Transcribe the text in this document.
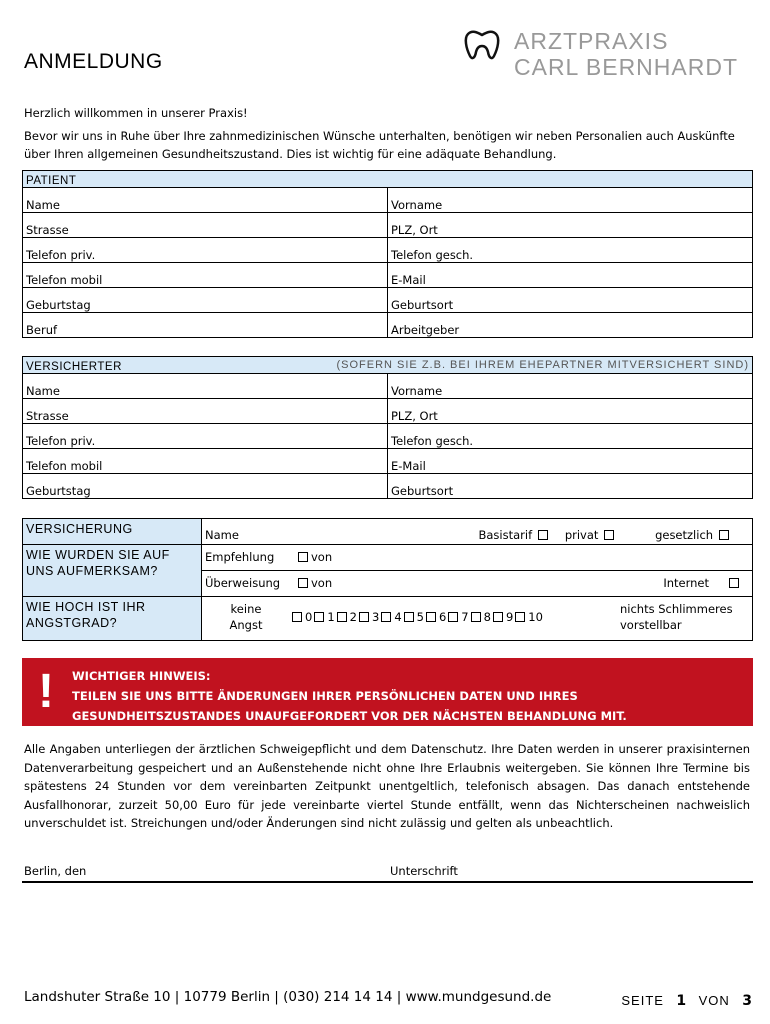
ANMELDUNG
ARZTPRAXIS
CARL BERNHARDT
Herzlich willkommen in unserer Praxis!
Bevor wir uns in Ruhe über Ihre zahnmedizinischen Wünsche unterhalten, benötigen wir neben Personalien auch Auskünfte über Ihren allgemeinen Gesundheitszustand. Dies ist wichtig für eine adäquate Behandlung.
PATIENT	
Name	Vorname
Strasse	PLZ, Ort
Telefon priv.	Telefon gesch.
Telefon mobil	E-Mail
Geburtstag	Geburtsort
Beruf	Arbeitgeber
VERSICHERTER (SOFERN SIE Z.B. BEI IHREM EHEPARTNER MITVERSICHERT SIND)	

Name	Vorname
Strasse	PLZ, Ort
Telefon priv.	Telefon gesch.
Telefon mobil	E-Mail
Geburtstag	Geburtsort
VERSICHERUNG	Name Basistarif privat gesetzlich

WIE WURDEN SIE AUF UNS AUFMERKSAM?	Empfehlung von
Überweisung von Internet

WIE HOCH IST IHR ANGSTGRAD?	keine Angst
0 1 2 3 4 5 6 7 8 9 10
nichts Schlimmeres vorstellbar
! WICHTIGER HINWEIS:
TEILEN SIE UNS BITTE ÄNDERUNGEN IHRER PERSÖNLICHEN DATEN UND IHRES
GESUNDHEITSZUSTANDES UNAUFGEFORDERT VOR DER NÄCHSTEN BEHANDLUNG MIT.
Alle Angaben unterliegen der ärztlichen Schweigepflicht und dem Datenschutz. Ihre Daten werden in unserer praxisinternen Datenverarbeitung gespeichert und an Außenstehende nicht ohne Ihre Erlaubnis weitergeben. Sie können Ihre Termine bis spätestens 24 Stunden vor dem vereinbarten Zeitpunkt unentgeltlich, telefonisch absagen. Das danach entstehende Ausfallhonorar, zurzeit 50,00 Euro für jede vereinbarte viertel Stunde entfällt, wenn das Nichterscheinen nachweislich unverschuldet ist. Streichungen und/oder Änderungen sind nicht zulässig und gelten als unbeachtlich.
Berlin, den	Unterschrift
Landshuter Straße 10 | 10779 Berlin | (030) 214 14 14 | www.mundgesund.de	SEITE 1 VON 3
